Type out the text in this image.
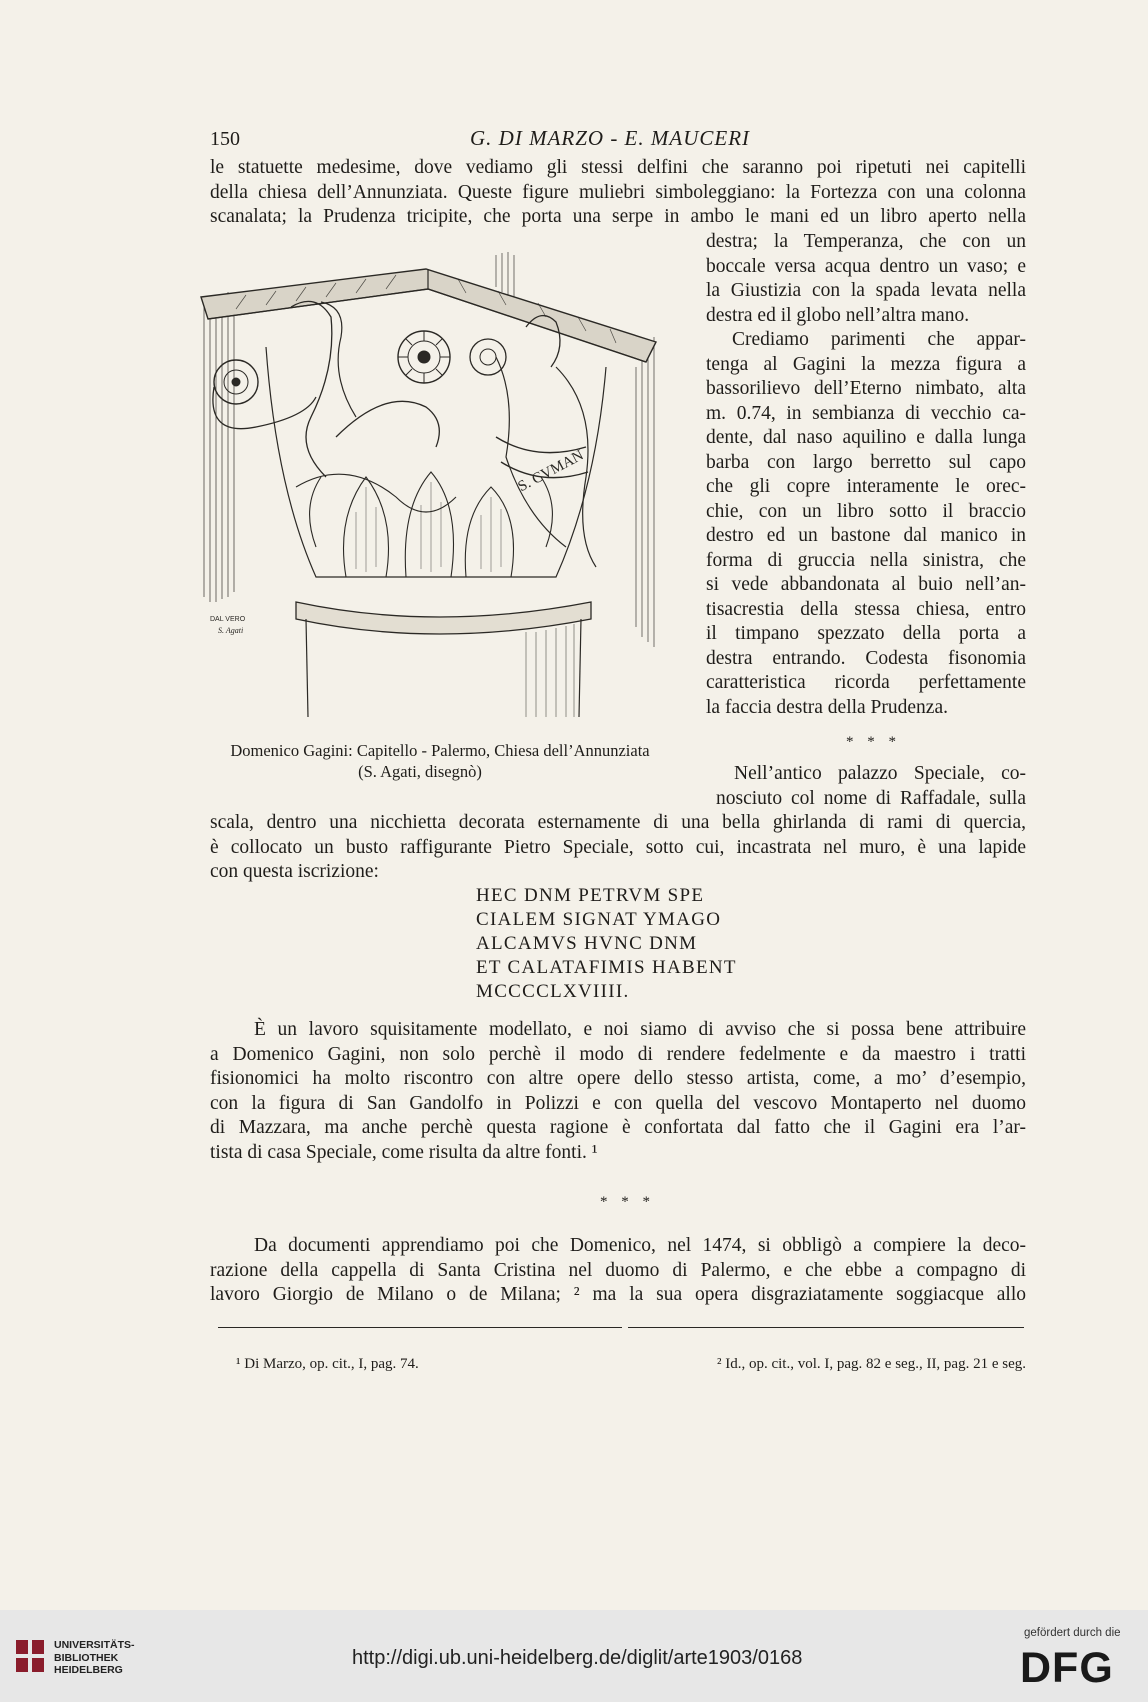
150	G. DI MARZO - E. MAUCERI
le statuette medesime, dove vediamo gli stessi delfini che saranno poi ripetuti nei capitelli
della chiesa dell’Annunziata. Queste figure muliebri simboleggiano: la Fortezza con una colonna
scanalata; la Prudenza tricipite, che porta una serpe in ambo le mani ed un libro aperto nella
destra; la Temperanza, che con un
boccale versa acqua dentro un vaso; e
la Giustizia con la spada levata nella
destra ed il globo nell’altra mano.
Crediamo parimenti che appar-
tenga al Gagini la mezza figura a
bassorilievo dell’Eterno nimbato, alta
m. 0.74, in sembianza di vecchio ca-
dente, dal naso aquilino e dalla lunga
barba con largo berretto sul capo
che gli copre interamente le orec-
chie, con un libro sotto il braccio
destro ed un bastone dal manico in
forma di gruccia nella sinistra, che
si vede abbandonata al buio nell’an-
tisacrestia della stessa chiesa, entro
il timpano spezzato della porta a
destra entrando. Codesta fisonomia
caratteristica ricorda perfettamente
la faccia destra della Prudenza.
S. CVMAN
DAL VERO
S. Agati
Domenico Gagini: Capitello - Palermo, Chiesa dell’Annunziata
(S. Agati, disegnò)
* * *
Nell’antico palazzo Speciale, co-
nosciuto col nome di Raffadale, sulla
scala, dentro una nicchietta decorata esternamente di una bella ghirlanda di rami di quercia,
è collocato un busto raffigurante Pietro Speciale, sotto cui, incastrata nel muro, è una lapide
con questa iscrizione:
HEC DNM PETRVM SPE
CIALEM SIGNAT YMAGO
ALCAMVS HVNC DNM
ET CALATAFIMIS HABENT
MCCCCLXVIIII.
È un lavoro squisitamente modellato, e noi siamo di avviso che si possa bene attribuire
a Domenico Gagini, non solo perchè il modo di rendere fedelmente e da maestro i tratti
fisionomici ha molto riscontro con altre opere dello stesso artista, come, a mo’ d’esempio,
con la figura di San Gandolfo in Polizzi e con quella del vescovo Montaperto nel duomo
di Mazzara, ma anche perchè questa ragione è confortata dal fatto che il Gagini era l’ar-
tista di casa Speciale, come risulta da altre fonti. ¹
* * *
Da documenti apprendiamo poi che Domenico, nel 1474, si obbligò a compiere la deco-
razione della cappella di Santa Cristina nel duomo di Palermo, e che ebbe a compagno di
lavoro Giorgio de Milano o de Milana; ² ma la sua opera disgraziatamente soggiacque allo
¹ Di Marzo, op. cit., I, pag. 74.	² Id., op. cit., vol. I, pag. 82 e seg., II, pag. 21 e seg.
UNIVERSITÄTS-
BIBLIOTHEK
HEIDELBERG
http://digi.ub.uni-heidelberg.de/diglit/arte1903/0168
gefördert durch die
DFG
